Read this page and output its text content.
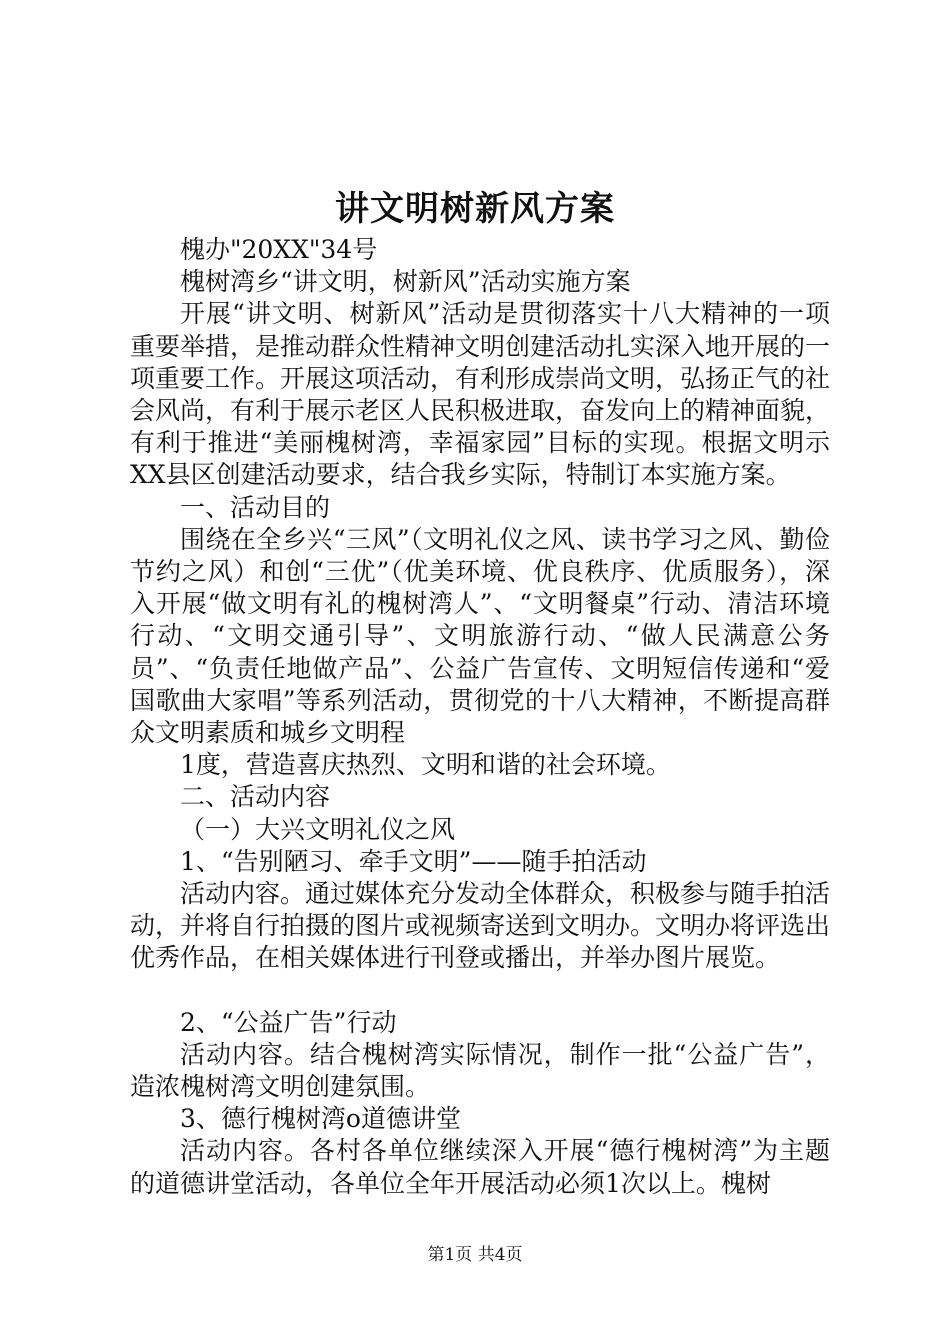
讲文明树新风方案

槐办"20XX"34号

槐树湾乡“讲文明，树新风”活动实施方案

开展“讲文明、树新风”活动是贯彻落实十八大精神的一项重要举措，是推动群众性精神文明创建活动扎实深入地开展的一项重要工作。开展这项活动，有利形成崇尚文明，弘扬正气的社会风尚，有利于展示老区人民积极进取，奋发向上的精神面貌，有利于推进“美丽槐树湾，幸福家园”目标的实现。根据文明示XX县区创建活动要求，结合我乡实际，特制订本实施方案。

一、活动目的

围绕在全乡兴“三风”（文明礼仪之风、读书学习之风、勤俭节约之风）和创“三优”（优美环境、优良秩序、优质服务），深入开展“做文明有礼的槐树湾人”、“文明餐桌”行动、清洁环境行动、“文明交通引导”、文明旅游行动、“做人民满意公务员”、“负责任地做产品”、公益广告宣传、文明短信传递和“爱国歌曲大家唱”等系列活动，贯彻党的十八大精神，不断提高群众文明素质和城乡文明程

1度，营造喜庆热烈、文明和谐的社会环境。

二、活动内容

（一）大兴文明礼仪之风

1、“告别陋习、牵手文明”——随手拍活动

活动内容。通过媒体充分发动全体群众，积极参与随手拍活动，并将自行拍摄的图片或视频寄送到文明办。文明办将评选出优秀作品，在相关媒体进行刊登或播出，并举办图片展览。

2、“公益广告”行动

活动内容。结合槐树湾实际情况，制作一批“公益广告”，造浓槐树湾文明创建氛围。

3、德行槐树湾o道德讲堂

活动内容。各村各单位继续深入开展“德行槐树湾”为主题的道德讲堂活动，各单位全年开展活动必须1次以上。槐树

第1页 共4页
